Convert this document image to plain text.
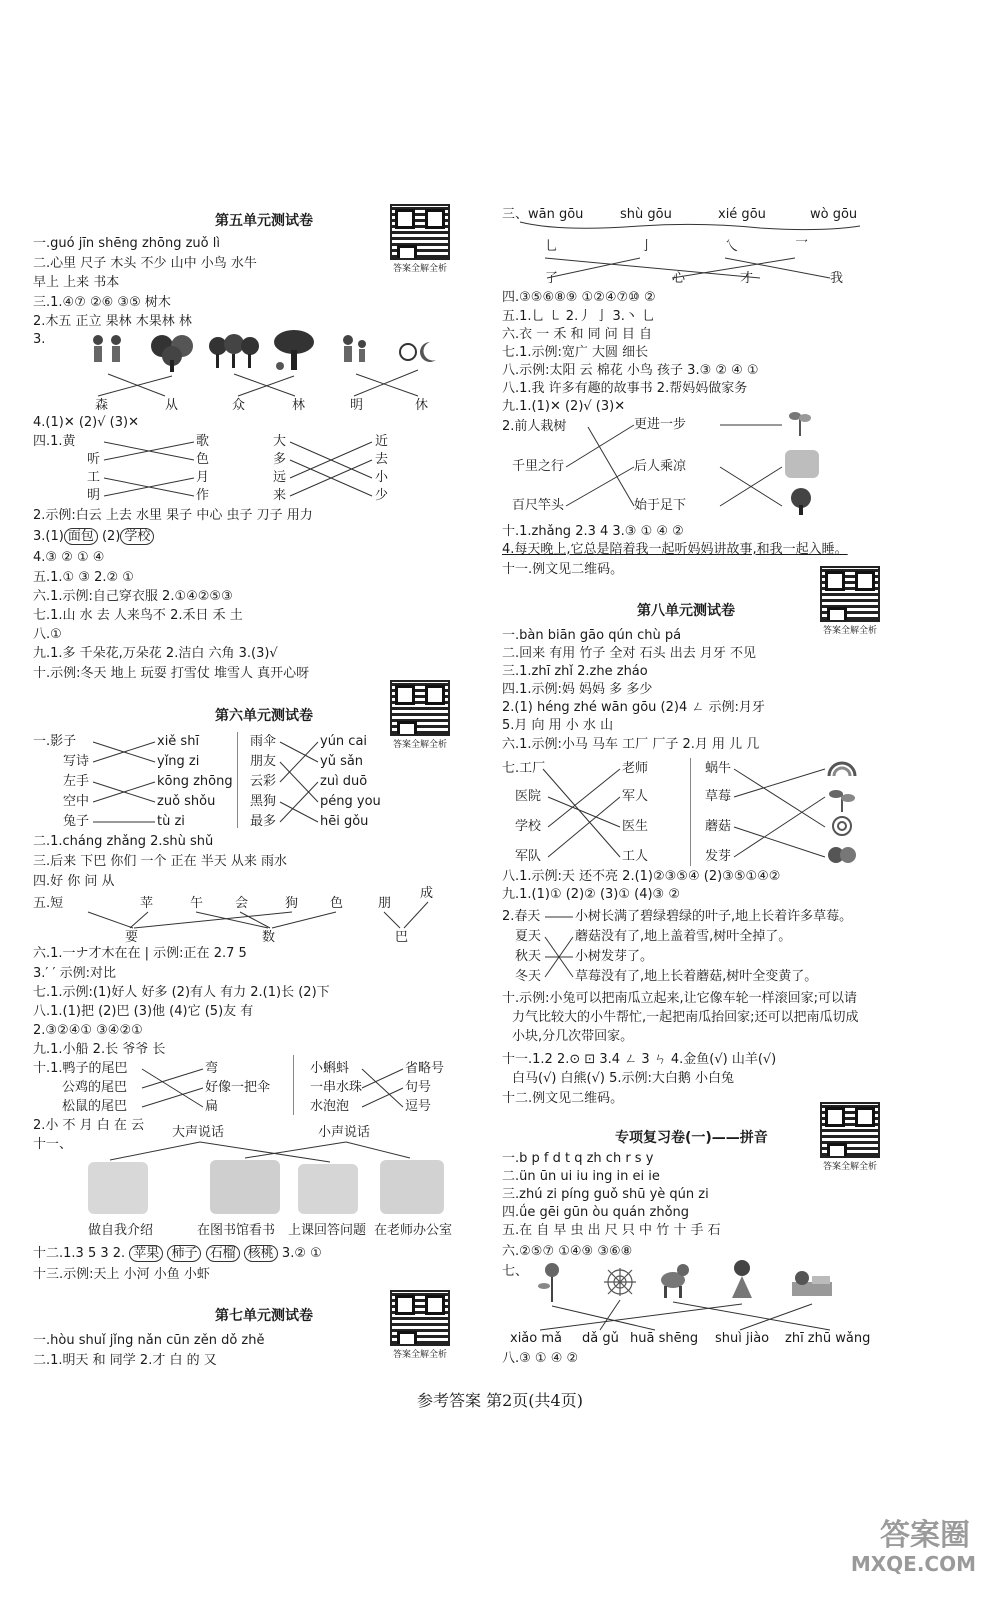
第五单元测试卷
答案全解全析
一.guó jīn shēng zhōng zuǒ lì
二.心里 尺子 木头 不少 山中 小鸟 水牛
早上 上来 书本
三.1.④⑦ ②⑥ ③⑤ 树木
2.木五 正立 果林 木果林 林
3.
森	从	众	林	明	休
4.(1)✕ (2)√ (3)✕
四.1.黄
听
工
明
歌
色
月
作
大
多
远
来
近
去
小
少
2.示例:白云 上去 水里 果子 中心 虫子 刀子 用力
3.(1) 面包 (2) 学校
4.③ ② ① ④
五.1.① ③ 2.② ①
六.1.示例:自己穿衣服 2.①④②⑤③
七.1.山 水 去 人来鸟不 2.禾日 禾 土
八.①
九.1.多 千朵花,万朵花 2.洁白 六角 3.(3)√
十.示例:冬天 地上 玩耍 打雪仗 堆雪人 真开心呀
第六单元测试卷
答案全解全析
一.影子
写诗
左手
空中
兔子
xiě shī
yǐng zi
kōng zhōng
zuǒ shǒu
tù zi
雨伞
朋友
云彩
黑狗
最多
yún cai
yǔ sǎn
zuì duō
péng you
hēi gǒu
二.1.cháng zhǎng 2.shù shǔ
三.后来 下巴 你们 一个 正在 半天 从来 雨水
四.好 你 问 从
五.短	苹	午 会	狗 色	朋
成
要	数	巴
六.1.一ナ才木在在 | 示例:正在 2.7 5
3.′ ′ 示例:对比
七.1.示例:(1)好人 好多 (2)有人 有力 2.(1)长 (2)下
八.1.(1)把 (2)巴 (3)他 (4)它 (5)友 有
2.③②④① ③④②①
九.1.小船 2.长 爷爷 长
十.1.鸭子的尾巴
公鸡的尾巴
松鼠的尾巴
弯
好像一把伞
扁
小蝌蚪
一串水珠
水泡泡
省略号
句号
逗号
2.小 不 月 白 在 云
十一、
大声说话	小声说话
做自我介绍	在图书馆看书 上课回答问题 在老师办公室
十二.1.3 5 3 2. 苹果 柿子 石榴 核桃 3.② ①
十三.示例:天上 小河 小鱼 小虾
第七单元测试卷
答案全解全析
一.hòu shuǐ jǐng nǎn cūn zěn dǒ zhě
二.1.明天 和 同学 2.才 白 的 又
三、wān gōu	shù gōu	xié gōu	wò gōu
乚	亅	乀	乛
了	心	才	我
四.③⑤⑥⑧⑨ ①②④⑦⑩ ②
五.1.乚 ㇄ 2.丿 亅 3.丶 乚
六.衣 一 禾 和 同 问 目 自
七.1.示例:宽广 大圆 细长
八.示例:太阳 云 棉花 小鸟 孩子 3.③ ② ④ ①
八.1.我 许多有趣的故事书 2.帮妈妈做家务
九.1.(1)✕ (2)√ (3)✕
2.前人栽树
千里之行
百尺竿头
更进一步
后人乘凉
始于足下
十.1.zhǎng 2.3 4 3.③ ① ④ ②
4.每天晚上,它总是陪着我一起听妈妈讲故事,和我一起入睡。
十一.例文见二维码。
第八单元测试卷
答案全解全析
一.bàn biān gāo qún chù pá
二.回来 有用 竹子 全对 石头 出去 月牙 不见
三.1.zhī zhǐ 2.zhe zháo
四.1.示例:妈 妈妈 多 多少
2.(1) héng zhé wān gōu (2)4 ㄥ 示例:月牙
5.月 向 用 小 水 山
六.1.示例:小马 马车 工厂 厂子 2.月 用 儿 几
七.工厂
医院
学校
军队
老师
军人
医生
工人
蜗牛
草莓
蘑菇
发芽
八.1.示例:天 还不亮 2.(1)②③⑤④ (2)③⑤①④②
九.1.(1)① (2)② (3)① (4)③ ②
2.春天
夏天
秋天
冬天
小树长满了碧绿碧绿的叶子,地上长着许多草莓。
蘑菇没有了,地上盖着雪,树叶全掉了。
小树发芽了。
草莓没有了,地上长着蘑菇,树叶全变黄了。
十.示例:小兔可以把南瓜立起来,让它像车轮一样滚回家;可以请
力气比较大的小牛帮忙,一起把南瓜抬回家;还可以把南瓜切成
小块,分几次带回家。
十一.1.2 2.⊙ ⊡ 3.4 ㄥ 3 ㄣ 4.金鱼(√) 山羊(√)
白马(√) 白熊(√) 5.示例:大白鹅 小白兔
十二.例文见二维码。
专项复习卷(一)——拼音
答案全解全析
一.b p f d t q zh ch r s y
二.ün ūn ui iu ing in ei ie
三.zhú zi píng guǒ shū yè qún zi
四.ǘe gēi gūn òu quán zhǒng
五.在 自 早 虫 出 尺 只 中 竹 十 手 石
六.②⑤⑦ ①④⑨ ③⑥⑧
七、
xiǎo mǎ dǎ gǔ huā shēng shuì jiào zhī zhū wǎng
八.③ ① ④ ②
参考答案 第2页(共4页)
答案圈
MXQE.COM
